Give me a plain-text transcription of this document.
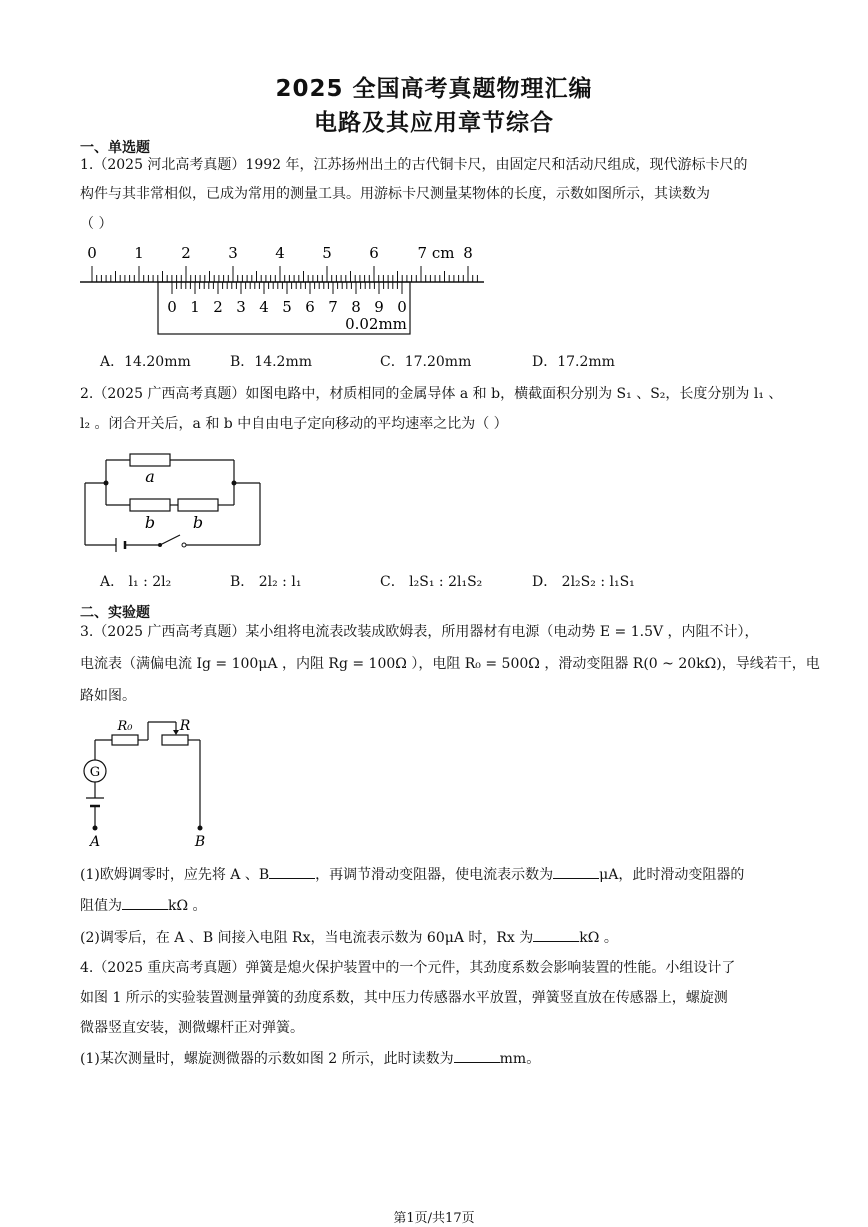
2025 全国高考真题物理汇编
电路及其应用章节综合
一、单选题
1.（2025 河北高考真题）1992 年，江苏扬州出土的古代铜卡尺，由固定尺和活动尺组成，现代游标卡尺的
构件与其非常相似，已成为常用的测量工具。用游标卡尺测量某物体的长度，示数如图所示，其读数为
（ ）
0 1 2 3 4 5 6	7 cm 8
0 1 2 3 4 5 6 7 8 9 0
0.02mm
A．14.20mm	B．14.2mm	C．17.20mm	D．17.2mm
2.（2025 广西高考真题）如图电路中，材质相同的金属导体 a 和 b，横截面积分别为 S₁ 、S₂，长度分别为 l₁ 、
l₂ 。闭合开关后，a 和 b 中自由电子定向移动的平均速率之比为（ ）
a
b b
A． l₁ : 2l₂	B． 2l₂ : l₁	C． l₂S₁ : 2l₁S₂	D． 2l₂S₂ : l₁S₁
二、实验题
3.（2025 广西高考真题）某小组将电流表改装成欧姆表，所用器材有电源（电动势 E = 1.5V ，内阻不计），
电流表（满偏电流 Ig = 100μA ，内阻 Rg = 100Ω ），电阻 R₀ = 500Ω ，滑动变阻器 R(0 ~ 20kΩ)，导线若干，电
路如图。
G
R₀	R
A	B
(1)欧姆调零时，应先将 A 、B	，再调节滑动变阻器，使电流表示数为	μA，此时滑动变阻器的
阻值为	kΩ 。
(2)调零后，在 A 、B 间接入电阻 Rx，当电流表示数为 60μA 时，Rx 为	kΩ 。
4.（2025 重庆高考真题）弹簧是熄火保护装置中的一个元件，其劲度系数会影响装置的性能。小组设计了
如图 1 所示的实验装置测量弹簧的劲度系数，其中压力传感器水平放置，弹簧竖直放在传感器上，螺旋测
微器竖直安装，测微螺杆正对弹簧。
(1)某次测量时，螺旋测微器的示数如图 2 所示，此时读数为	mm。
第1页/共17页
